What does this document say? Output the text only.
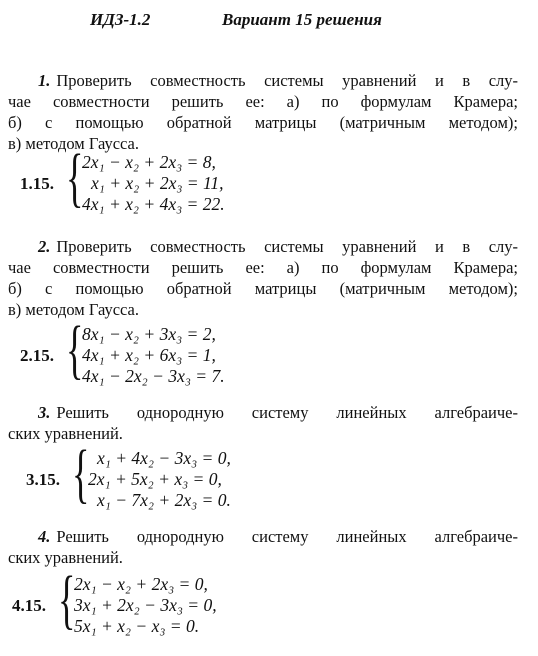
ИДЗ-1.2	Вариант 15 решения
1. Проверить совместность системы уравнений и в слу-
чае совместности решить ее: а) по формулам Крамера;
б) с помощью обратной матрицы (матричным методом);
в) методом Гаусса.
1.15. {
2x₁ − x₂ + 2x₃ = 8,
x₁ + x₂ + 2x₃ = 11,
4x₁ + x₂ + 4x₃ = 22.
2. Проверить совместность системы уравнений и в слу-
чае совместности решить ее: а) по формулам Крамера;
б) с помощью обратной матрицы (матричным методом);
в) методом Гаусса.
2.15. {
8x₁ − x₂ + 3x₃ = 2,
4x₁ + x₂ + 6x₃ = 1,
4x₁ − 2x₂ − 3x₃ = 7.
3. Решить однородную систему линейных алгебраиче-
ских уравнений.
3.15. { x₁ + 4x₂ − 3x₃ = 0,
2x₁ + 5x₂ + x₃ = 0,
x₁ − 7x₂ + 2x₃ = 0.
4. Решить однородную систему линейных алгебраиче-
ских уравнений.
4.15. {
2x₁ − x₂ + 2x₃ = 0,
3x₁ + 2x₂ − 3x₃ = 0,
5x₁ + x₂ − x₃ = 0.
